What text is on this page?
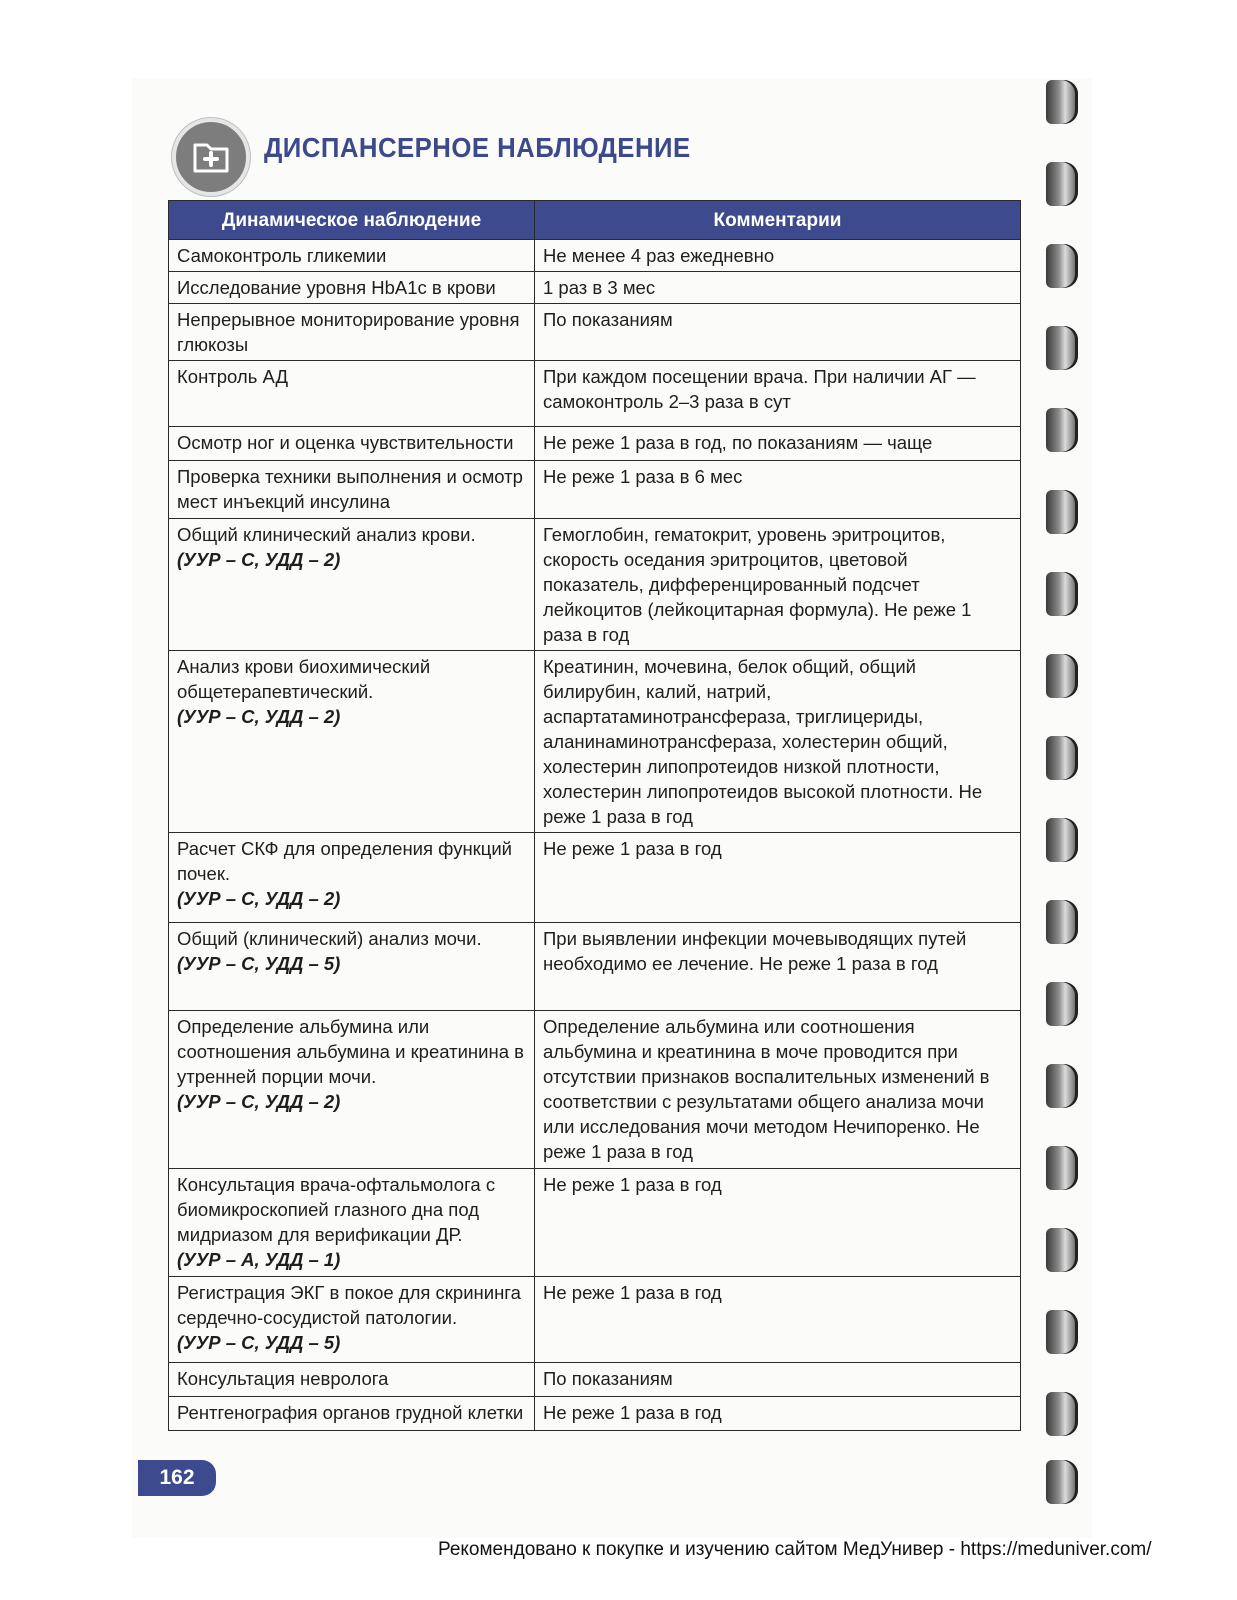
ДИСПАНСЕРНОЕ НАБЛЮДЕНИЕ
Динамическое наблюдение	Комментарии
Самоконтроль гликемии	Не менее 4 раз ежедневно
Исследование уровня HbA1c в крови	1 раз в 3 мес
Непрерывное мониторирование уровня глюкозы	По показаниям
Контроль АД	При каждом посещении врача. При наличии АГ — самоконтроль 2–3 раза в сут
Осмотр ног и оценка чувствительности	Не реже 1 раза в год, по показаниям — чаще
Проверка техники выполнения и осмотр мест инъекций инсулина	Не реже 1 раза в 6 мес
Общий клинический анализ крови.
(УУР – С, УДД – 2)	Гемоглобин, гематокрит, уровень эритроцитов, скорость оседания эритроцитов, цветовой показатель, дифференцированный подсчет лейкоцитов (лейкоцитарная формула). Не реже 1 раза в год
Анализ крови биохимический общетерапевтический.
(УУР – С, УДД – 2)	Креатинин, мочевина, белок общий, общий билирубин, калий, натрий, аспартатаминотрансфераза, триглицериды, аланинаминотрансфераза, холестерин общий, холестерин липопротеидов низкой плотности, холестерин липопротеидов высокой плотности. Не реже 1 раза в год
Расчет СКФ для определения функций почек.
(УУР – С, УДД – 2)	Не реже 1 раза в год
Общий (клинический) анализ мочи.
(УУР – С, УДД – 5)	При выявлении инфекции мочевыводящих путей необходимо ее лечение. Не реже 1 раза в год
Определение альбумина или соотношения альбумина и креатинина в утренней порции мочи.
(УУР – С, УДД – 2)	Определение альбумина или соотношения альбумина и креатинина в моче проводится при отсутствии признаков воспалительных изменений в соответствии с результатами общего анализа мочи или исследования мочи методом Нечипоренко. Не реже 1 раза в год
Консультация врача-офтальмолога с биомикроскопией глазного дна под мидриазом для верификации ДР.
(УУР – А, УДД – 1)	Не реже 1 раза в год
Регистрация ЭКГ в покое для скрининга сердечно-сосудистой патологии.
(УУР – С, УДД – 5)	Не реже 1 раза в год
Консультация невролога	По показаниям
Рентгенография органов грудной клетки	Не реже 1 раза в год
162
Рекомендовано к покупке и изучению сайтом МедУнивер - https://meduniver.com/
